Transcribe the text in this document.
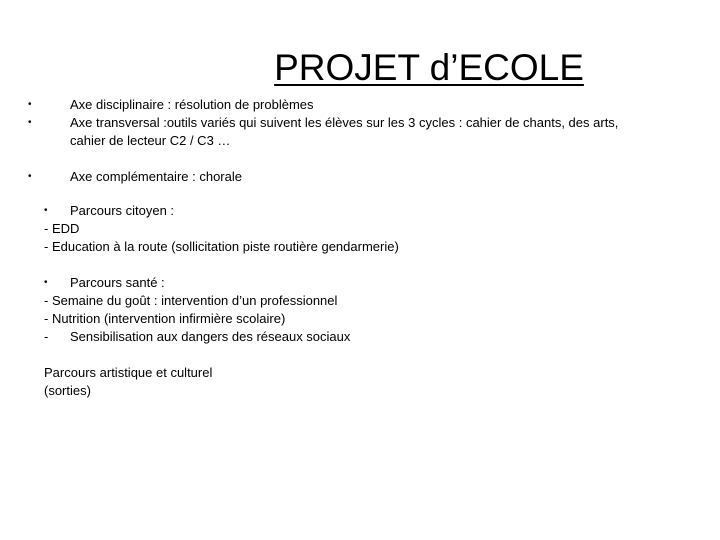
PROJET d’ECOLE
•	Axe disciplinaire : résolution de problèmes
•	Axe transversal :outils variés qui suivent les élèves sur les 3 cycles : cahier de chants, des arts,
cahier de lecteur C2 / C3 …
•	Axe complémentaire : chorale
• Parcours citoyen :
- EDD
- Education à la route (sollicitation piste routière gendarmerie)
• Parcours santé :
- Semaine du goût : intervention d’un professionnel
- Nutrition (intervention infirmière scolaire)
- Sensibilisation aux dangers des réseaux sociaux
Parcours artistique et culturel
(sorties)
